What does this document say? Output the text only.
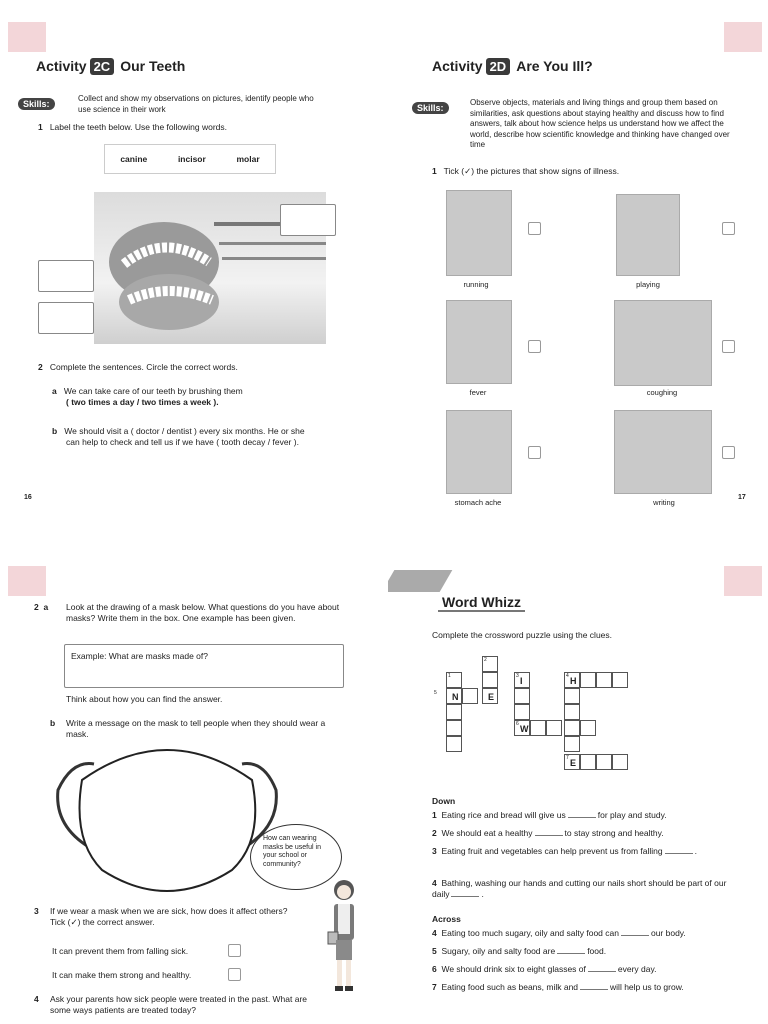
Activity 2C Our Teeth
Skills:
Collect and show my observations on pictures, identify people who use science in their work
1 Label the teeth below. Use the following words.
canine	incisor	molar
2 Complete the sentences. Circle the correct words.
a We can take care of our teeth by brushing them
( two times a day / two times a week ).
b We should visit a ( doctor / dentist ) every six months. He or she
can help to check and tell us if we have ( tooth decay / fever ).
16
Activity 2D Are You Ill?
Skills:
Observe objects, materials and living things and group them based on similarities, ask questions about staying healthy and discuss how to find answers, talk about how science helps us understand how we affect the world, describe how scientific knowledge and thinking have changed over time
1 Tick (✓) the pictures that show signs of illness.
running	playing
fever	coughing
stomach ache	writing
17
2 a Look at the drawing of a mask below. What questions do you have about masks? Write them in the box. One example has been given.
Example: What are masks made of?
Think about how you can find the answer.
b Write a message on the mask to tell people when they should wear a mask.
How can wearing masks be useful in your school or community?
3 If we wear a mask when we are sick, how does it affect others? Tick (✓) the correct answer.
It can prevent them from falling sick.
It can make them strong and healthy.
4 Ask your parents how sick people were treated in the past. What are some ways patients are treated today?
Word Whizz
Complete the crossword puzzle using the clues.
2
1	3 I	4 H
5 N	E
6 W
7 E
Down
1 Eating rice and bread will give us	for play and study.
2 We should eat a healthy	to stay strong and healthy.
3 Eating fruit and vegetables can help prevent us from falling	.
4 Bathing, washing our hands and cutting our nails short should be part of our daily	.
Across
4 Eating too much sugary, oily and salty food can	our body.
5 Sugary, oily and salty food are	food.
6 We should drink six to eight glasses of	every day.
7 Eating food such as beans, milk and	will help us to grow.
